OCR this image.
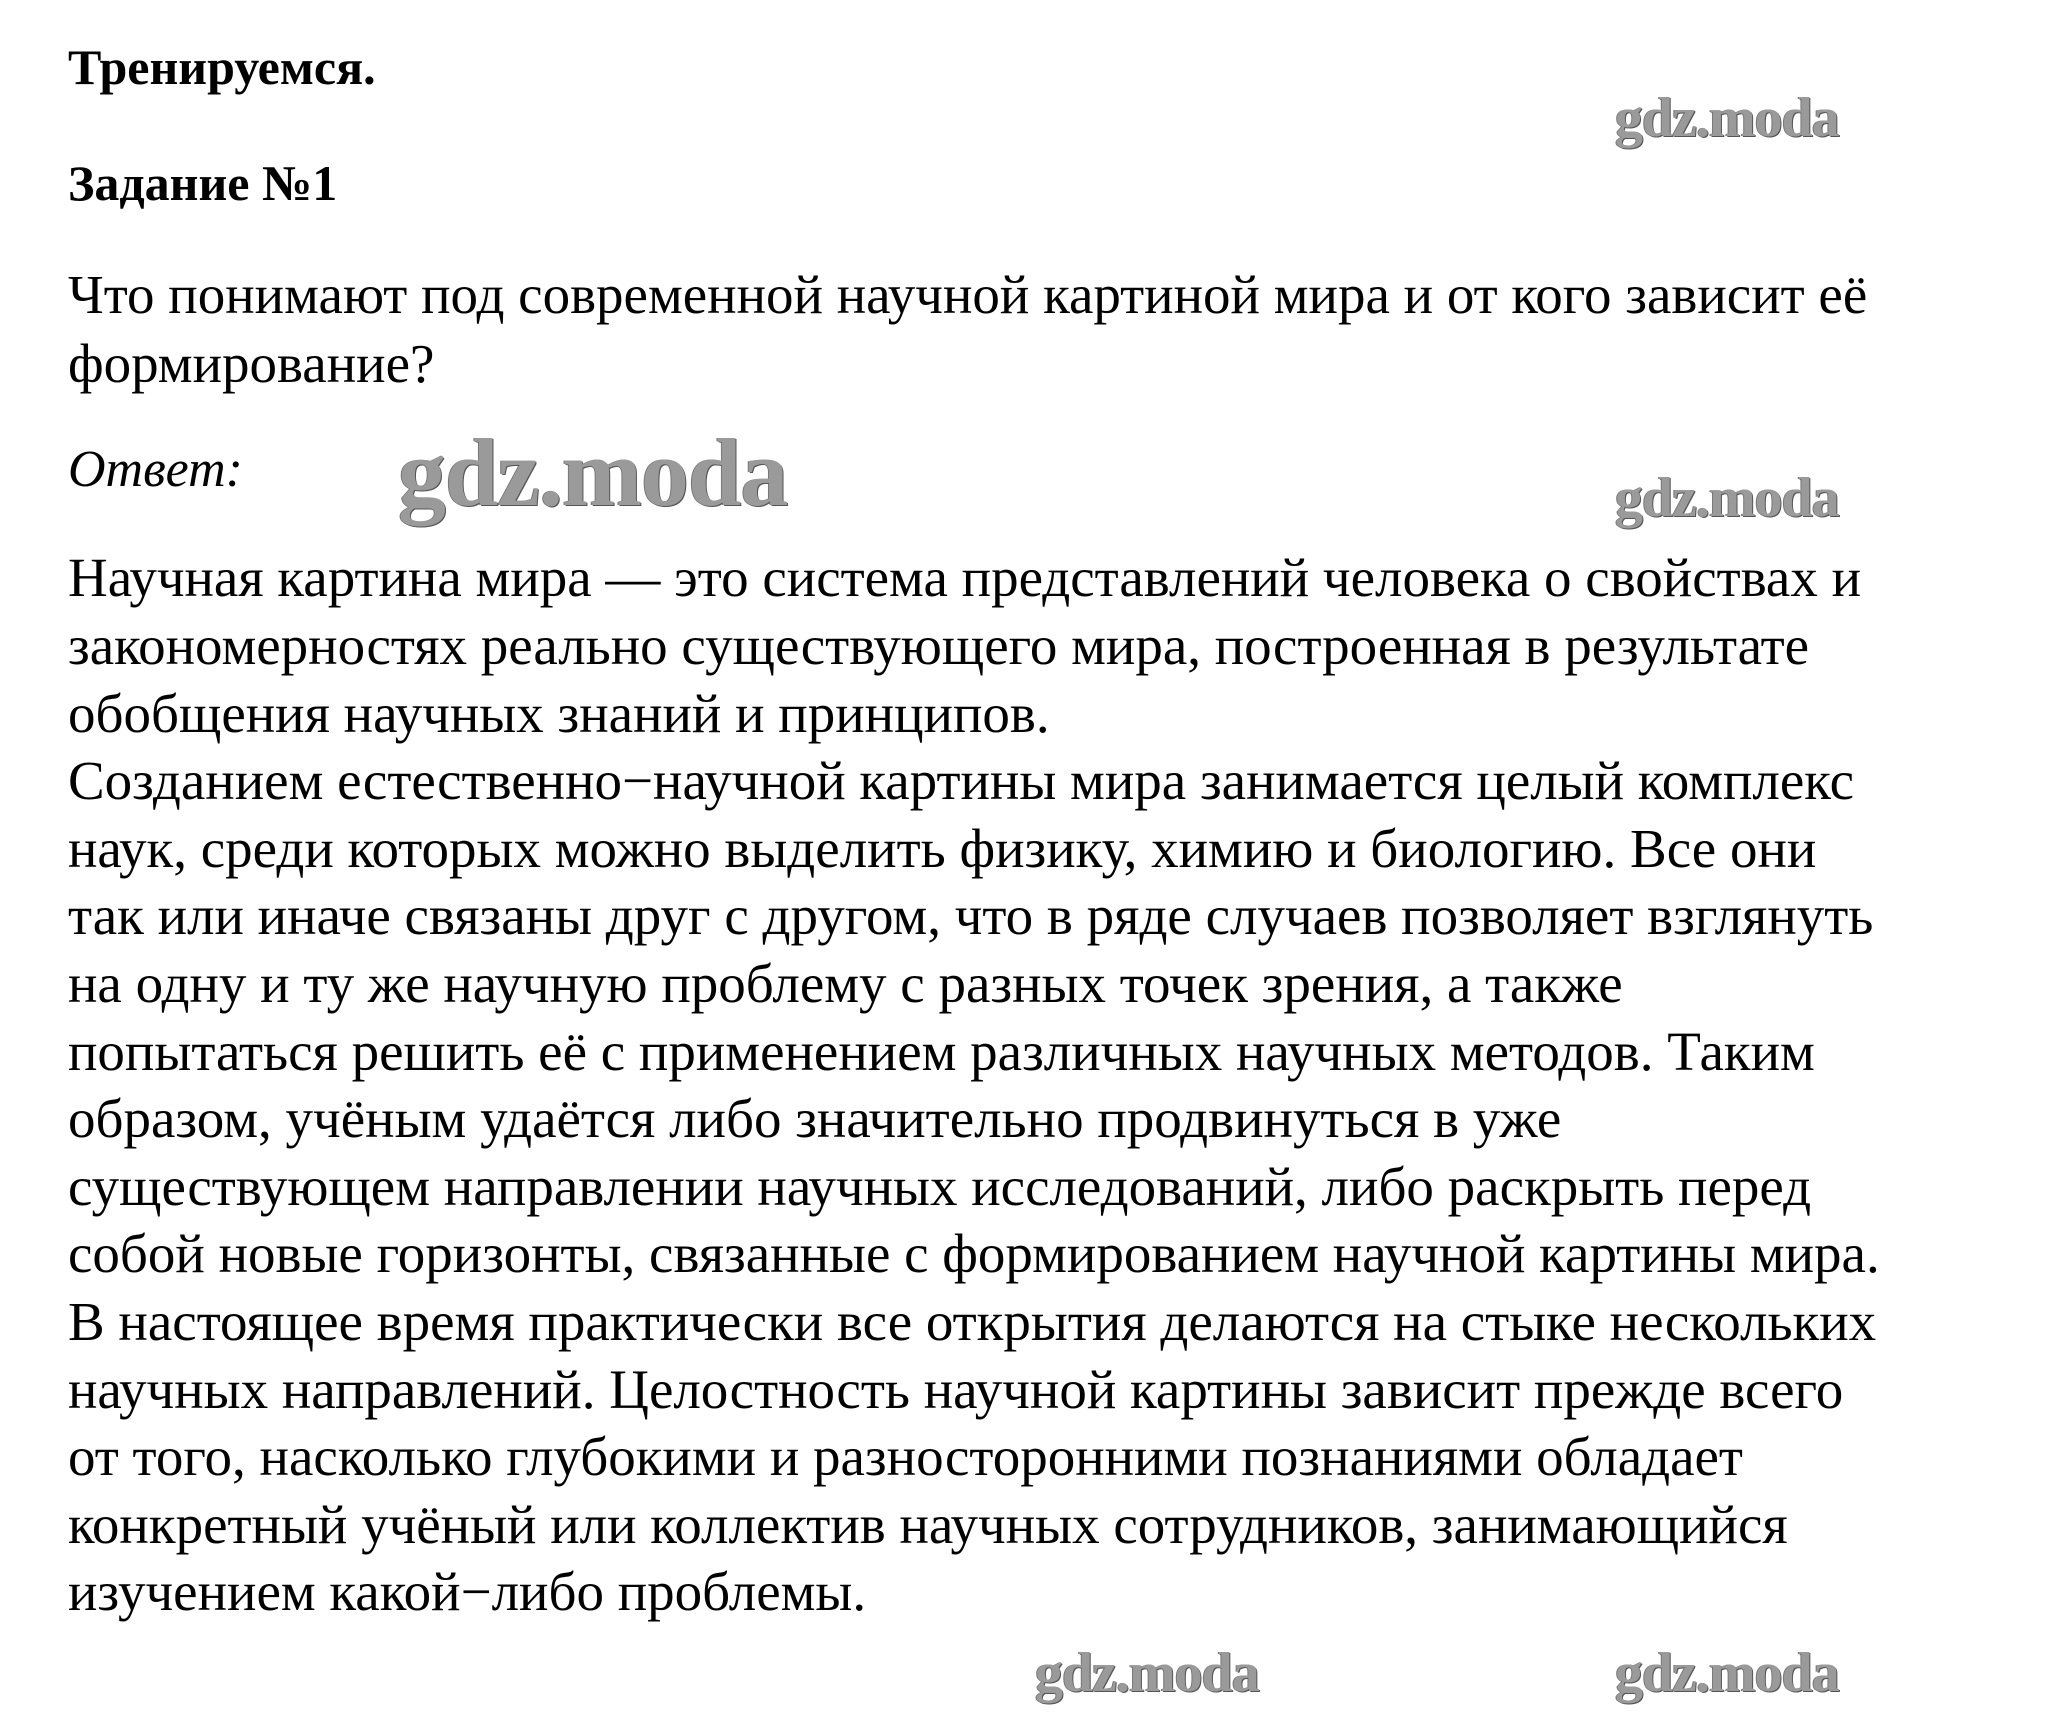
Тренируемся.
Задание №1
Что понимают под современной научной картиной мира и от кого зависит её
формирование?
Ответ:
Научная картина мира — это система представлений человека о свойствах и
закономерностях реально существующего мира, построенная в результате
обобщения научных знаний и принципов.
Созданием естественно−научной картины мира занимается целый комплекс
наук, среди которых можно выделить физику, химию и биологию. Все они
так или иначе связаны друг с другом, что в ряде случаев позволяет взглянуть
на одну и ту же научную проблему с разных точек зрения, а также
попытаться решить её с применением различных научных методов. Таким
образом, учёным удаётся либо значительно продвинуться в уже
существующем направлении научных исследований, либо раскрыть перед
собой новые горизонты, связанные с формированием научной картины мира.
В настоящее время практически все открытия делаются на стыке нескольких
научных направлений. Целостность научной картины зависит прежде всего
от того, насколько глубокими и разносторонними познаниями обладает
конкретный учёный или коллектив научных сотрудников, занимающийся
изучением какой−либо проблемы.
gdz.moda
gdz.moda	gdz.moda
gdz.moda	gdz.moda
